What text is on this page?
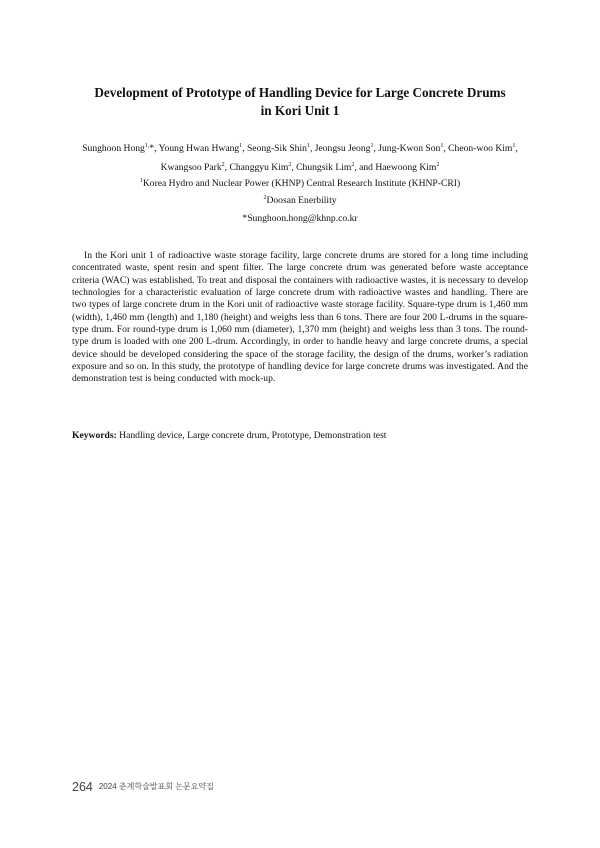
Development of Prototype of Handling Device for Large Concrete Drums
in Kori Unit 1
Sunghoon Hong$^{1,}$*, Young Hwan Hwang$^1$, Seong-Sik Shin$^1$, Jeongsu Jeong$^1$, Jung-Kwon Son$^1$, Cheon-woo Kim$^1$,
Kwangsoo Park$^2$, Changgyu Kim$^2$, Chungsik Lim$^2$, and Haewoong Kim$^2$
$^1$Korea Hydro and Nuclear Power (KHNP) Central Research Institute (KHNP-CRI)
$^2$Doosan Enerbility
*Sunghoon.hong@khnp.co.kr

In the Kori unit 1 of radioactive waste storage facility, large concrete drums are stored for a long time including concentrated waste, spent resin and spent filter. The large concrete drum was generated before waste acceptance criteria (WAC) was established. To treat and disposal the containers with radioactive wastes, it is necessary to develop technologies for a characteristic evaluation of large concrete drum with radioactive wastes and handling. There are two types of large concrete drum in the Kori unit of radioactive waste storage facility. Square-type drum is 1,460 mm (width), 1,460 mm (length) and 1,180 (height) and weighs less than 6 tons. There are four 200 L-drums in the square-type drum. For round-type drum is 1,060 mm (diameter), 1,370 mm (height) and weighs less than 3 tons. The round-type drum is loaded with one 200 L-drum. Accordingly, in order to handle heavy and large concrete drums, a special device should be developed considering the space of the storage facility, the design of the drums, worker’s radiation exposure and so on. In this study, the prototype of handling device for large concrete drums was investigated. And the demonstration test is being conducted with mock-up.

Keywords: Handling device, Large concrete drum, Prototype, Demonstration test
264 2024 춘계학술발표회 논문요약집
